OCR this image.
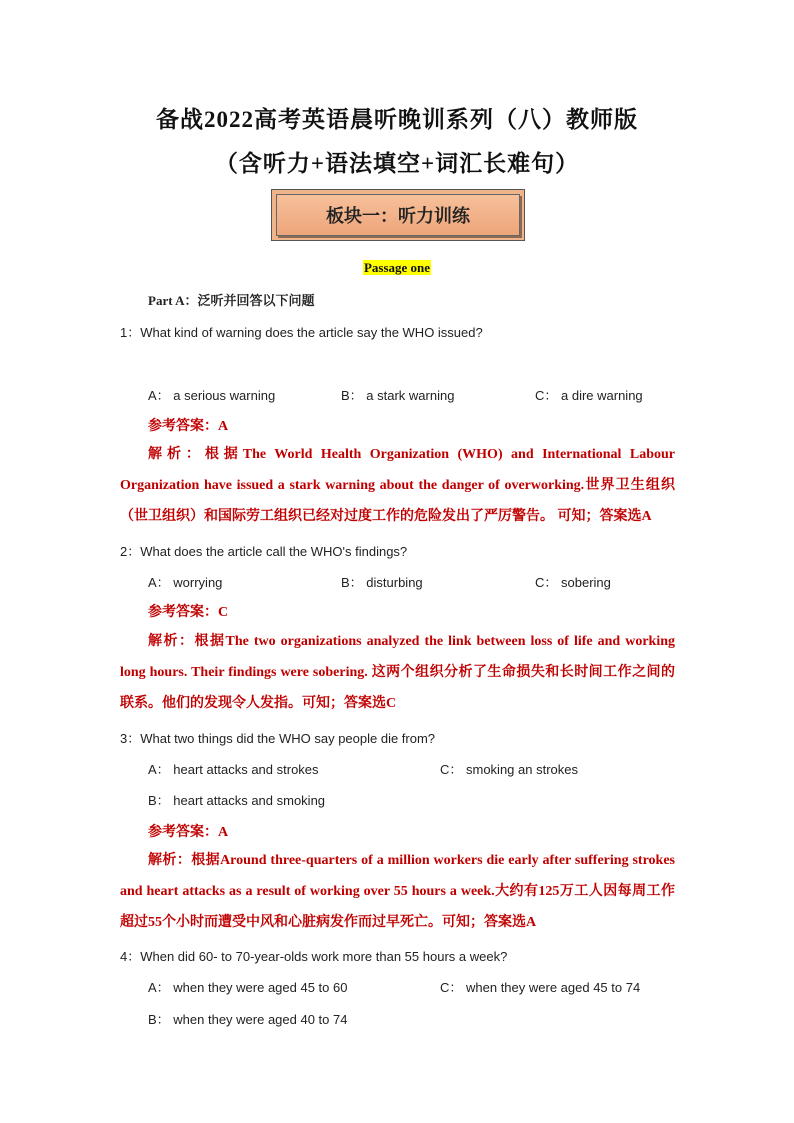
备战2022高考英语晨听晚训系列（八）教师版
（含听力+语法填空+词汇长难句）
板块一：听力训练
Passage one
Part A：泛听并回答以下问题
1：What kind of warning does the article say the WHO issued?
A： a serious warning	B： a stark warning	C： a dire warning
参考答案：A
解析：根据The World Health Organization (WHO) and International Labour Organization have issued a stark warning about the danger of overworking.世界卫生组织（世卫组织）和国际劳工组织已经对过度工作的危险发出了严厉警告。 可知；答案选A
2：What does the article call the WHO's findings?
A： worrying	B： disturbing	C： sobering
参考答案：C
解析：根据The two organizations analyzed the link between loss of life and working long hours. Their findings were sobering. 这两个组织分析了生命损失和长时间工作之间的联系。他们的发现令人发指。可知；答案选C
3：What two things did the WHO say people die from?
A： heart attacks and strokes	C： smoking an strokes
B： heart attacks and smoking
参考答案：A
解析：根据Around three-quarters of a million workers die early after suffering strokes and heart attacks as a result of working over 55 hours a week.大约有125万工人因每周工作超过55个小时而遭受中风和心脏病发作而过早死亡。可知；答案选A
4：When did 60- to 70-year-olds work more than 55 hours a week?
A： when they were aged 45 to 60	C： when they were aged 45 to 74
B： when they were aged 40 to 74
